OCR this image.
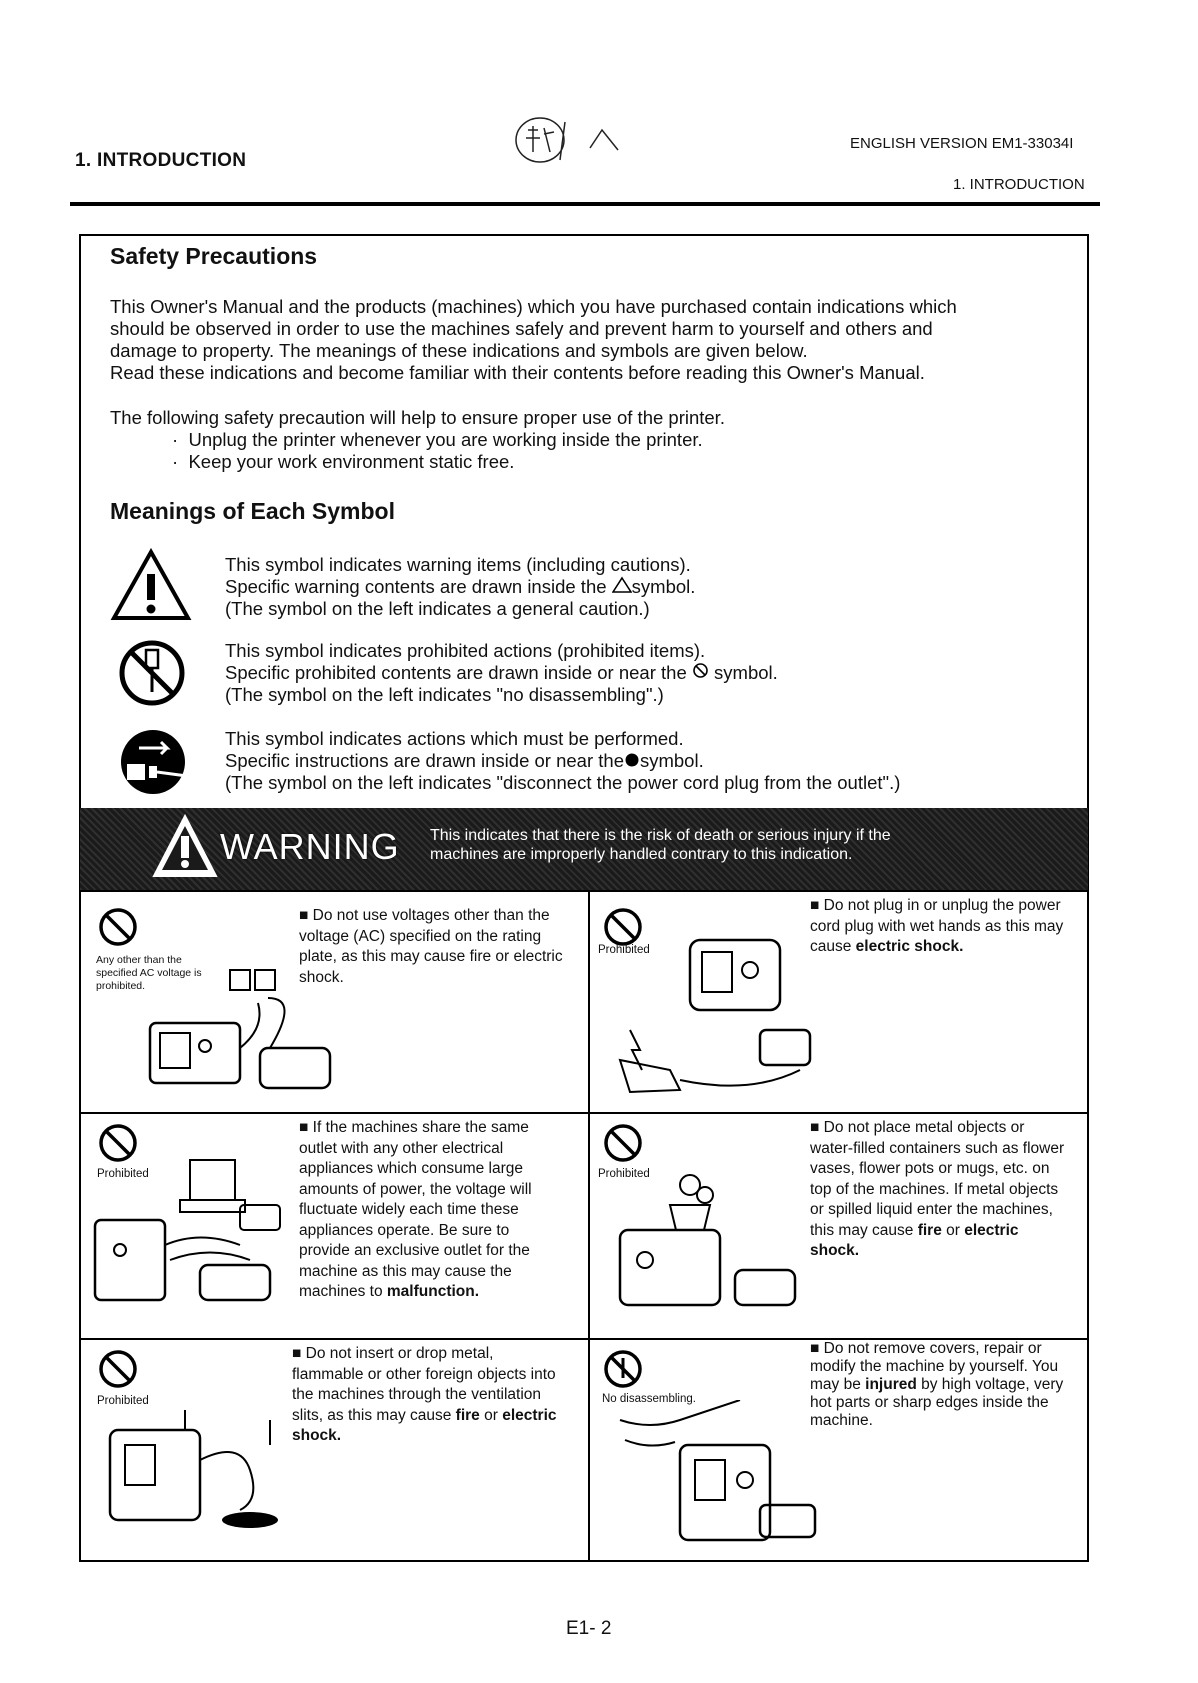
1. INTRODUCTION
ENGLISH VERSION EM1-33034I
1. INTRODUCTION
Safety Precautions
This Owner's Manual and the products (machines) which you have purchased contain indications which
should be observed in order to use the machines safely and prevent harm to yourself and others and
damage to property. The meanings of these indications and symbols are given below.
Read these indications and become familiar with their contents before reading this Owner's Manual.
The following safety precaution will help to ensure proper use of the printer.
·  Unplug the printer whenever you are working inside the printer.
·  Keep your work environment static free.
Meanings of Each Symbol
This symbol indicates warning items (including cautions).
Specific warning contents are drawn inside the symbol.
(The symbol on the left indicates a general caution.)
This symbol indicates prohibited actions (prohibited items).
Specific prohibited contents are drawn inside or near the symbol.
(The symbol on the left indicates "no disassembling".)
This symbol indicates actions which must be performed.
Specific instructions are drawn inside or near the symbol.
(The symbol on the left indicates "disconnect the power cord plug from the outlet".)
WARNING This indicates that there is the risk of death or serious injury if the
machines are improperly handled contrary to this indication.
Any other than the
specified AC voltage is
prohibited.
■ Do not use voltages other than the
voltage (AC) specified on the rating
plate, as this may cause fire or electric
shock.
Prohibited
■ Do not plug in or unplug the power
cord plug with wet hands as this may
cause electric shock.
Prohibited
■ If the machines share the same
outlet with any other electrical
appliances which consume large
amounts of power, the voltage will
fluctuate widely each time these
appliances operate. Be sure to
provide an exclusive outlet for the
machine as this may cause the
machines to malfunction.
Prohibited
■ Do not place metal objects or
water-filled containers such as flower
vases, flower pots or mugs, etc. on
top of the machines. If metal objects
or spilled liquid enter the machines,
this may cause fire or electric
shock.
Prohibited
■ Do not insert or drop metal,
flammable or other foreign objects into
the machines through the ventilation
slits, as this may cause fire or electric
shock.
No disassembling.
■ Do not remove covers, repair or
modify the machine by yourself. You
may be injured by high voltage, very
hot parts or sharp edges inside the
machine.
E1- 2
